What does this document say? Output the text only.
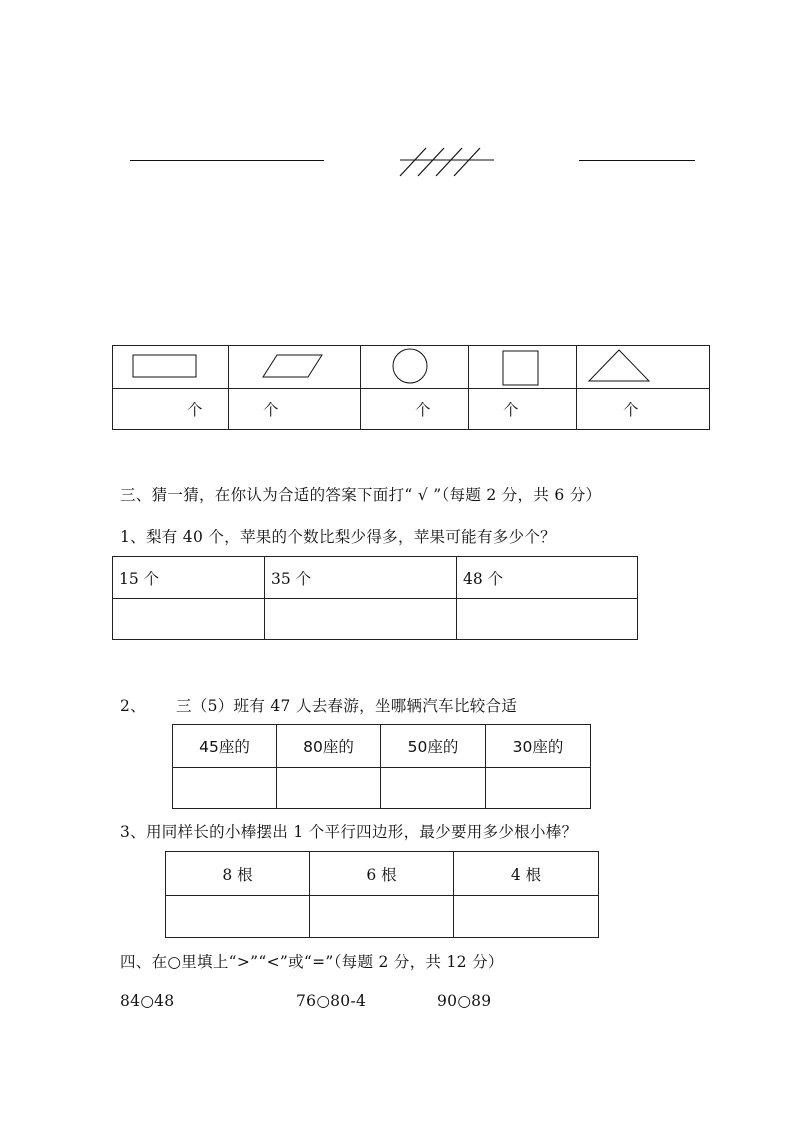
个	个	个	个	个
三、猜一猜，在你认为合适的答案下面打“ √ ”（每题 2 分，共 6 分）
1、梨有 40 个，苹果的个数比梨少得多，苹果可能有多少个？
15 个	35 个	48 个

2、 三（5）班有 47 人去春游，坐哪辆汽车比较合适
45座的	80座的	50座的	30座的

3、用同样长的小棒摆出 1 个平行四边形，最少要用多少根小棒？
8 根	6 根	4 根

四、在○里填上“>”“<”或“=”（每题 2 分，共 12 分）
84○48	76○80-4	90○89
